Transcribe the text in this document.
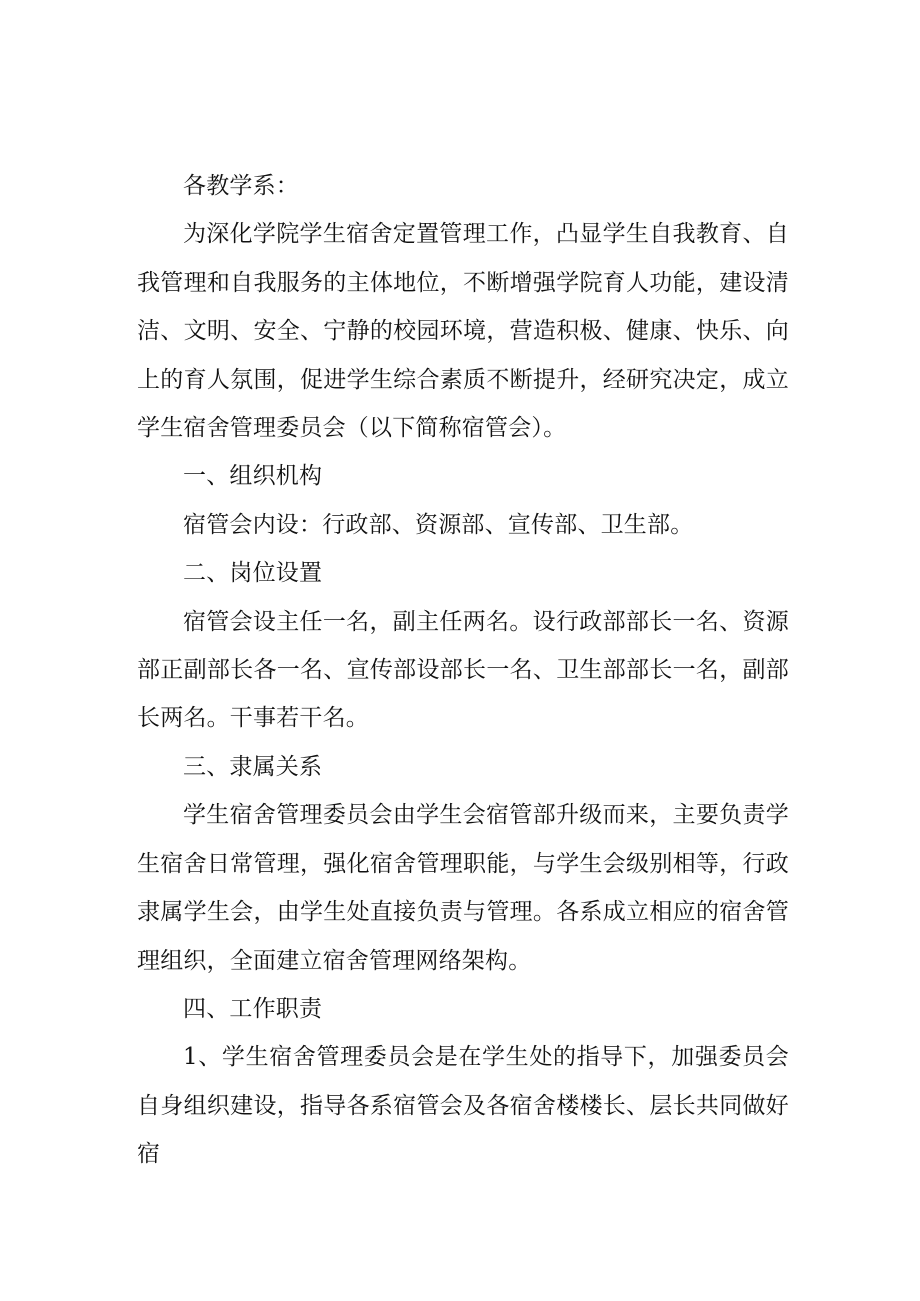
各教学系：

为深化学院学生宿舍定置管理工作，凸显学生自我教育、自我管理和自我服务的主体地位，不断增强学院育人功能，建设清洁、文明、安全、宁静的校园环境，营造积极、健康、快乐、向上的育人氛围，促进学生综合素质不断提升，经研究决定，成立学生宿舍管理委员会（以下简称宿管会）。

一、组织机构

宿管会内设：行政部、资源部、宣传部、卫生部。

二、岗位设置

宿管会设主任一名，副主任两名。设行政部部长一名、资源部正副部长各一名、宣传部设部长一名、卫生部部长一名，副部长两名。干事若干名。

三、隶属关系

学生宿舍管理委员会由学生会宿管部升级而来，主要负责学生宿舍日常管理，强化宿舍管理职能，与学生会级别相等，行政隶属学生会，由学生处直接负责与管理。各系成立相应的宿舍管理组织，全面建立宿舍管理网络架构。

四、工作职责

1、学生宿舍管理委员会是在学生处的指导下，加强委员会自身组织建设，指导各系宿管会及各宿舍楼楼长、层长共同做好宿
